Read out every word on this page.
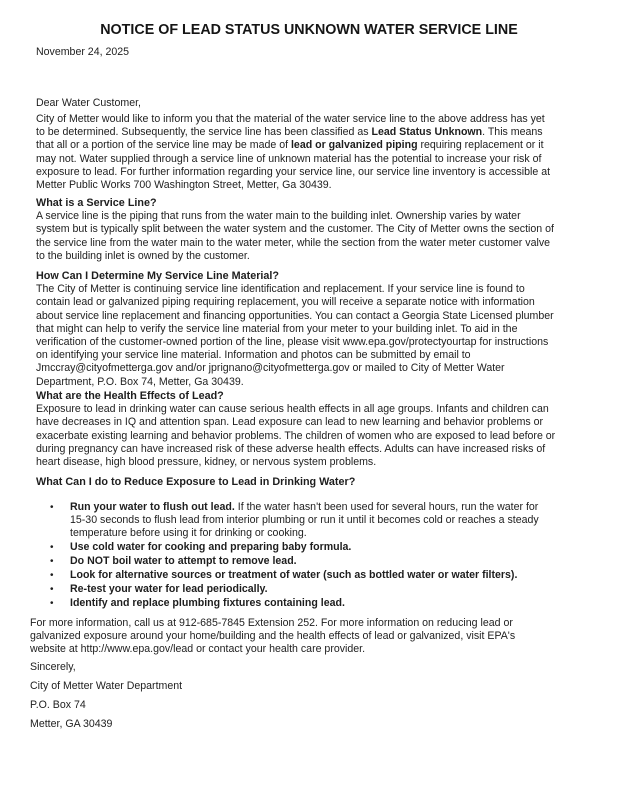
NOTICE OF LEAD STATUS UNKNOWN WATER SERVICE LINE
November 24, 2025
Dear Water Customer,

City of Metter would like to inform you that the material of the water service line to the above address has yet

to be determined. Subsequently, the service line has been classified as Lead Status Unknown. This means

that all or a portion of the service line may be made of lead or galvanized piping requiring replacement or it

may not. Water supplied through a service line of unknown material has the potential to increase your risk of

exposure to lead. For further information regarding your service line, our service line inventory is accessible at

Metter Public Works 700 Washington Street, Metter, Ga 30439.

What is a Service Line?

A service line is the piping that runs from the water main to the building inlet. Ownership varies by water

system but is typically split between the water system and the customer. The City of Metter owns the section of

the service line from the water main to the water meter, while the section from the water meter customer valve

to the building inlet is owned by the customer.

How Can I Determine My Service Line Material?

The City of Metter is continuing service line identification and replacement. If your service line is found to

contain lead or galvanized piping requiring replacement, you will receive a separate notice with information

about service line replacement and financing opportunities. You can contact a Georgia State Licensed plumber

that might can help to verify the service line material from your meter to your building inlet. To aid in the

verification of the customer-owned portion of the line, please visit www.epa.gov/protectyourtap for instructions

on identifying your service line material. Information and photos can be submitted by email to

Jmccray@cityofmetterga.gov and/or jprignano@cityofmetterga.gov or mailed to City of Metter Water

Department, P.O. Box 74, Metter, Ga 30439.

What are the Health Effects of Lead?

Exposure to lead in drinking water can cause serious health effects in all age groups. Infants and children can

have decreases in IQ and attention span. Lead exposure can lead to new learning and behavior problems or

exacerbate existing learning and behavior problems. The children of women who are exposed to lead before or

during pregnancy can have increased risk of these adverse health effects. Adults can have increased risks of

heart disease, high blood pressure, kidney, or nervous system problems.

What Can I do to Reduce Exposure to Lead in Drinking Water?
• Run your water to flush out lead. If the water hasn't been used for several hours, run the water for
15-30 seconds to flush lead from interior plumbing or run it until it becomes cold or reaches a steady
temperature before using it for drinking or cooking.
• Use cold water for cooking and preparing baby formula.
• Do NOT boil water to attempt to remove lead.
• Look for alternative sources or treatment of water (such as bottled water or water filters).
• Re-test your water for lead periodically.
• Identify and replace plumbing fixtures containing lead.

For more information, call us at 912-685-7845 Extension 252. For more information on reducing lead or

galvanized exposure around your home/building and the health effects of lead or galvanized, visit EPA's

website at http://www.epa.gov/lead or contact your health care provider.

Sincerely,
City of Metter Water Department
P.O. Box 74
Metter, GA 30439
